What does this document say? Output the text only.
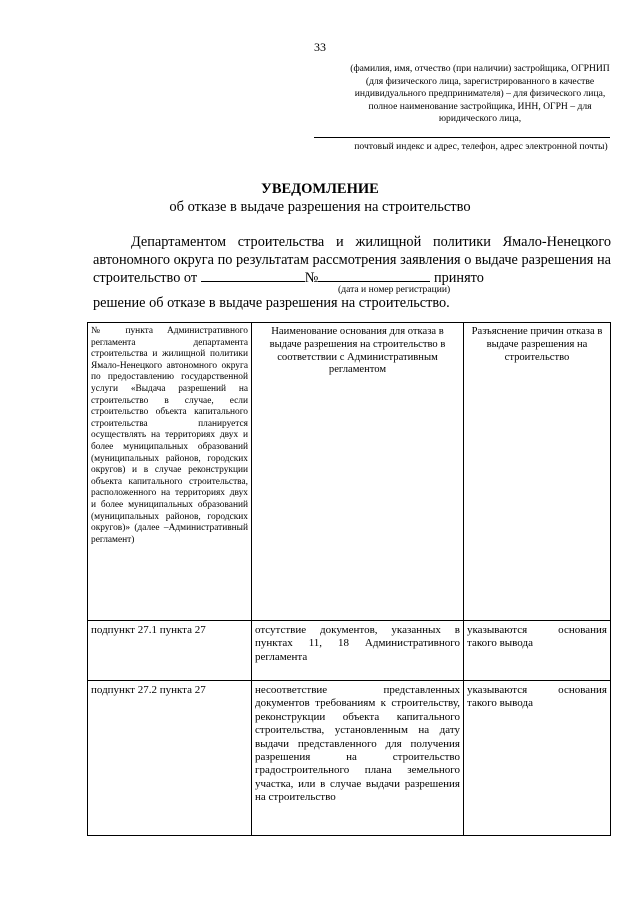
33
(фамилия, имя, отчество (при наличии) застройщика, ОГРНИП (для физического лица, зарегистрированного в качестве индивидуального предпринимателя) – для физического лица, полное наименование застройщика, ИНН, ОГРН – для юридического лица,
почтовый индекс и адрес, телефон, адрес электронной почты)
УВЕДОМЛЕНИЕ
об отказе в выдаче разрешения на строительство

Департаментом строительства и жилищной политики Ямало-Ненецкого автономного округа по результатам рассмотрения заявления о выдаче разрешения на строительство от	№	принято

(дата и номер регистрации)
решение об отказе в выдаче разрешения на строительство.
№ пункта Административного регламента департамента строительства и жилищной политики Ямало-Ненецкого автономного округа по предоставлению государственной услуги «Выдача разрешений на строительство в случае, если строительство объекта капитального строительства планируется осуществлять на территориях двух и более муниципальных образований (муниципальных районов, городских округов) и в случае реконструкции объекта капитального строительства, расположенного на территориях двух и более муниципальных образований (муниципальных районов, городских округов)» (далее –Административный регламент)	Наименование основания для отказа в выдаче разрешения на строительство в соответствии с Административным регламентом	Разъяснение причин отказа в выдаче разрешения на строительство
подпункт 27.1 пункта 27	отсутствие документов, указанных в пунктах 11, 18 Административного регламента	указываются основания такого вывода
подпункт 27.2 пункта 27	несоответствие представленных документов требованиям к строительству, реконструкции объекта капитального строительства, установленным на дату выдачи представленного для получения разрешения на строительство градостроительного плана земельного участка, или в случае выдачи разрешения на строительство	указываются основания такого вывода
